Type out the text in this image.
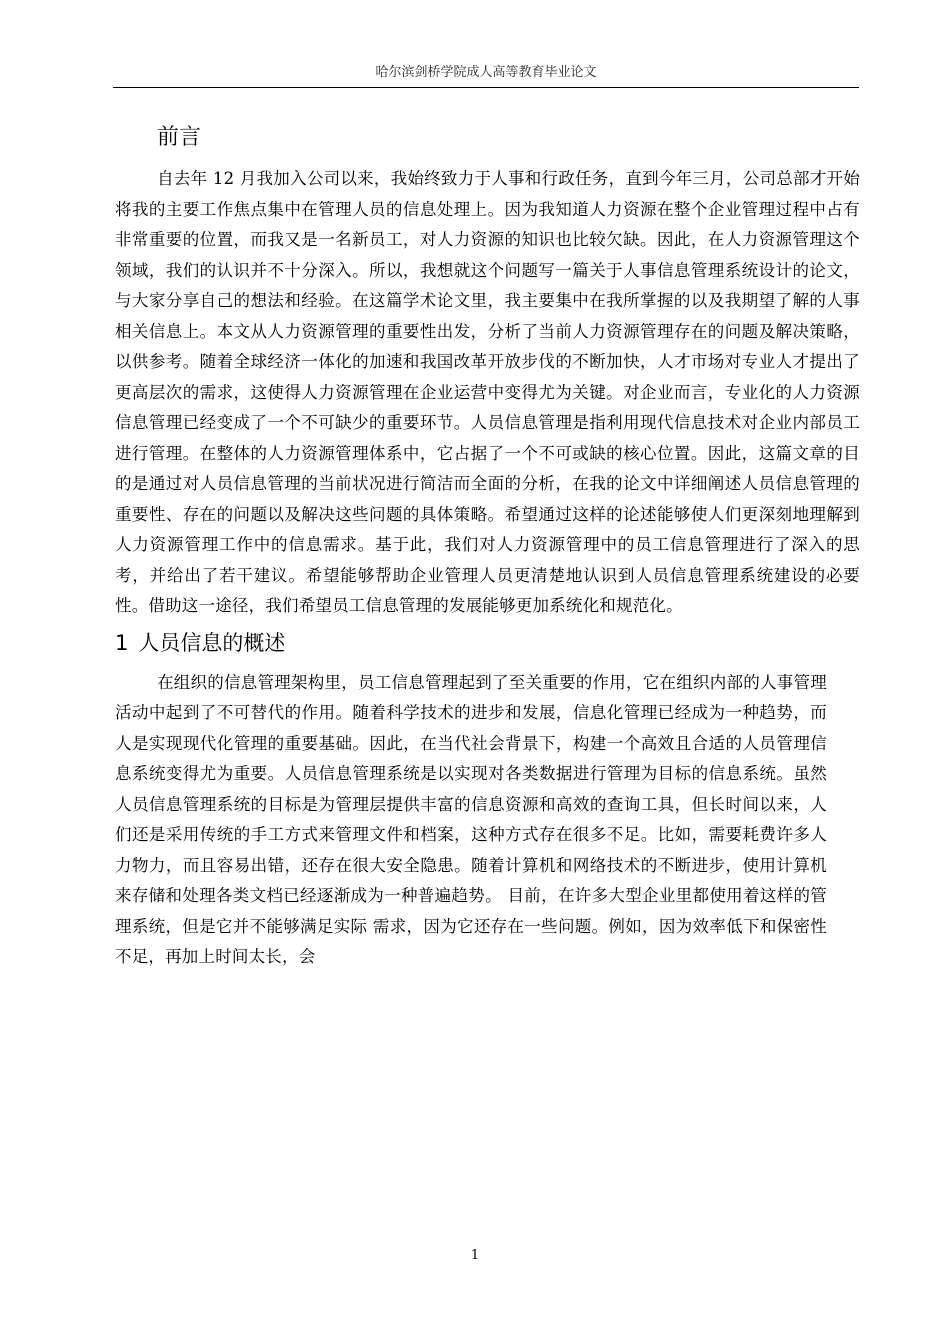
哈尔滨剑桥学院成人高等教育毕业论文
前言

自去年 12 月我加入公司以来，我始终致力于人事和行政任务，直到今年三月，公司总部才开始将我的主要工作焦点集中在管理人员的信息处理上。因为我知道人力资源在整个企业管理过程中占有非常重要的位置，而我又是一名新员工，对人力资源的知识也比较欠缺。因此，在人力资源管理这个领域，我们的认识并不十分深入。所以，我想就这个问题写一篇关于人事信息管理系统设计的论文，与大家分享自己的想法和经验。在这篇学术论文里，我主要集中在我所掌握的以及我期望了解的人事相关信息上。本文从人力资源管理的重要性出发，分析了当前人力资源管理存在的问题及解决策略，以供参考。随着全球经济一体化的加速和我国改革开放步伐的不断加快，人才市场对专业人才提出了更高层次的需求，这使得人力资源管理在企业运营中变得尤为关键。对企业而言，专业化的人力资源信息管理已经变成了一个不可缺少的重要环节。人员信息管理是指利用现代信息技术对企业内部员工进行管理。在整体的人力资源管理体系中，它占据了一个不可或缺的核心位置。因此，这篇文章的目的是通过对人员信息管理的当前状况进行简洁而全面的分析，在我的论文中详细阐述人员信息管理的重要性、存在的问题以及解决这些问题的具体策略。希望通过这样的论述能够使人们更深刻地理解到人力资源管理工作中的信息需求。基于此，我们对人力资源管理中的员工信息管理进行了深入的思考，并给出了若干建议。希望能够帮助企业管理人员更清楚地认识到人员信息管理系统建设的必要性。借助这一途径，我们希望员工信息管理的发展能够更加系统化和规范化。

1 人员信息的概述

在组织的信息管理架构里，员工信息管理起到了至关重要的作用，它在组织内部的人事管理活动中起到了不可替代的作用。随着科学技术的进步和发展，信息化管理已经成为一种趋势，而人是实现现代化管理的重要基础。因此，在当代社会背景下，构建一个高效且合适的人员管理信息系统变得尤为重要。人员信息管理系统是以实现对各类数据进行管理为目标的信息系统。虽然人员信息管理系统的目标是为管理层提供丰富的信息资源和高效的查询工具，但长时间以来，人们还是采用传统的手工方式来管理文件和档案，这种方式存在很多不足。比如，需要耗费许多人力物力，而且容易出错，还存在很大安全隐患。随着计算机和网络技术的不断进步，使用计算机来存储和处理各类文档已经逐渐成为一种普遍趋势。 目前，在许多大型企业里都使用着这样的管理系统，但是它并不能够满足实际 需求，因为它还存在一些问题。例如，因为效率低下和保密性不足，再加上时间太长，会

1
